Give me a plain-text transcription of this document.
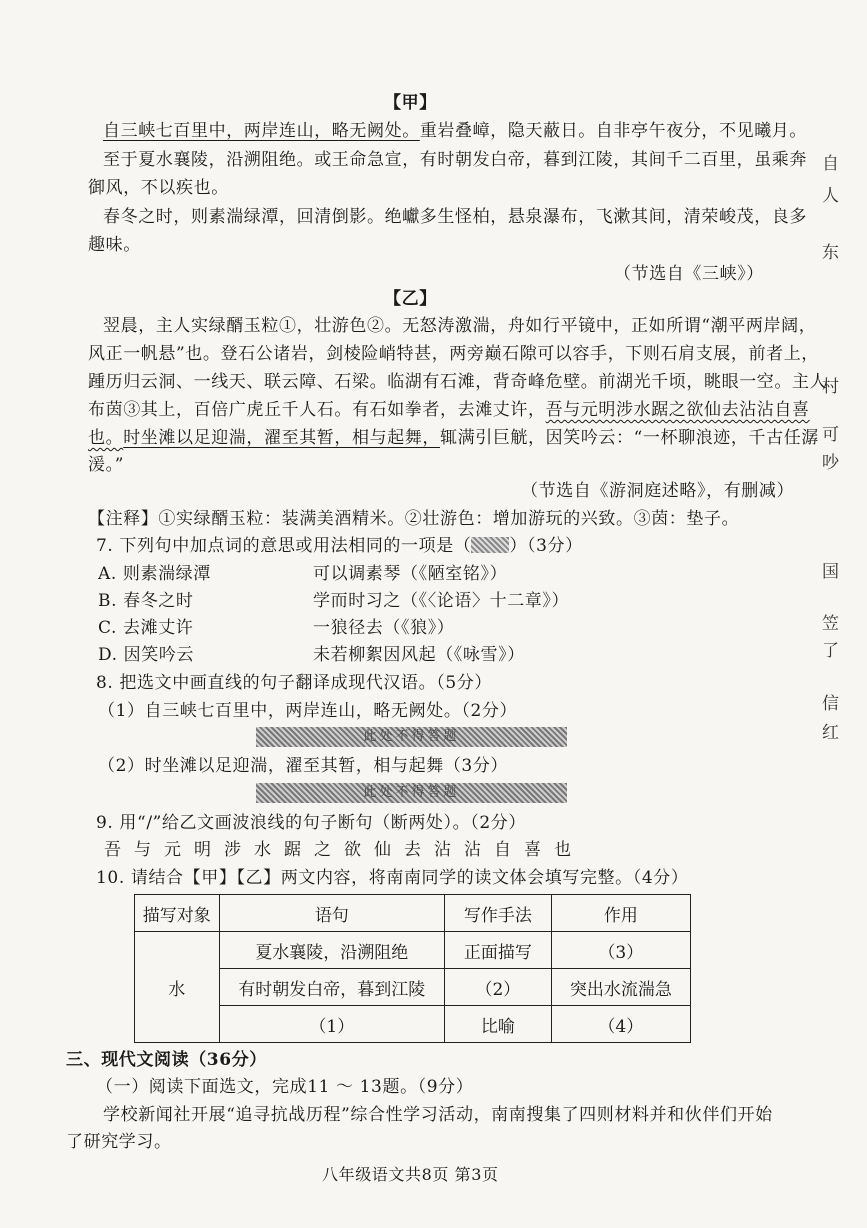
【甲】
自三峡七百里中，两岸连山，略无阙处。重岩叠嶂，隐天蔽日。自非亭午夜分，不见曦月。
至于夏水襄陵，沿溯阻绝。或王命急宣，有时朝发白帝，暮到江陵，其间千二百里，虽乘奔
御风，不以疾也。
春冬之时，则素湍绿潭，回清倒影。绝巘多生怪柏，悬泉瀑布，飞漱其间，清荣峻茂，良多
趣味。
（节选自《三峡》）
【乙】
翌晨，主人实绿醑玉粒①，壮游色②。无怒涛激湍，舟如行平镜中，正如所谓“潮平两岸阔，
风正一帆悬”也。登石公诸岩，剑棱险峭特甚，两旁巅石隙可以容手，下则石肩支展，前者上，
踵历归云洞、一线天、联云障、石梁。临湖有石滩，背奇峰危壁。前湖光千顷，眺眼一空。主人
布茵③其上，百倍广虎丘千人石。有石如拳者，去滩丈许，吾与元明涉水踞之欲仙去沾沾自喜
也。时坐滩以足迎湍，濯至其暂，相与起舞，辄满引巨觥，因笑吟云：“一杯聊浪迹，千古任潺
湲。”
（节选自《游洞庭述略》，有删减）
【注释】①实绿醑玉粒：装满美酒精米。②壮游色：增加游玩的兴致。③茵：垫子。
7. 下列句中加点词的意思或用法相同的一项是（ ）（3分）
A. 则素湍绿潭	可以调素琴（《陋室铭》）
B. 春冬之时	学而时习之（《〈论语〉十二章》）
C. 去滩丈许	一狼径去（《狼》）
D. 因笑吟云	未若柳絮因风起（《咏雪》）
8. 把选文中画直线的句子翻译成现代汉语。（5分）
（1）自三峡七百里中，两岸连山，略无阙处。（2分）
此处不得答题
（2）时坐滩以足迎湍，濯至其暂，相与起舞（3分）
此处不得答题
9. 用“/”给乙文画波浪线的句子断句（断两处）。（2分）
吾与元明涉水踞之欲仙去沾沾自喜也
10. 请结合【甲】【乙】两文内容，将南南同学的读文体会填写完整。（4分）
描写对象	语句	写作手法	作用
水	夏水襄陵，沿溯阻绝	正面描写	（3）
	有时朝发白帝，暮到江陵	（2）	突出水流湍急
	（1）	比喻	（4）
三、现代文阅读（36分）
（一）阅读下面选文，完成11 ～ 13题。（9分）
学校新闻社开展“追寻抗战历程”综合性学习活动，南南搜集了四则材料并和伙伴们开始
了研究学习。
八年级语文共8页 第3页
自
人
东
村
可
吵
国
笠
了
信
红
